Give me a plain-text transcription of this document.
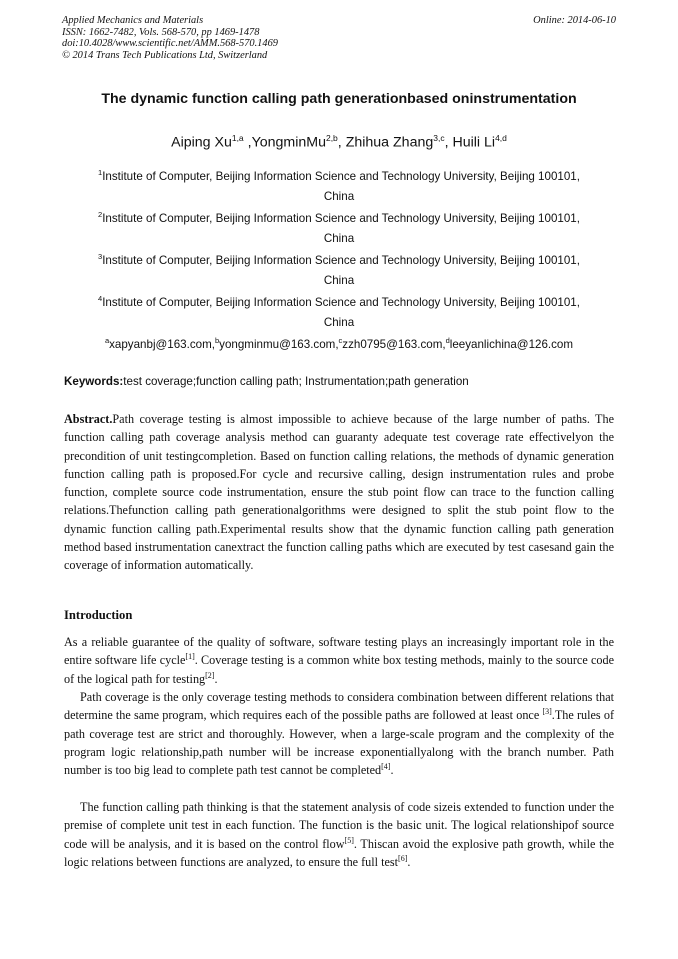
Applied Mechanics and Materials
ISSN: 1662-7482, Vols. 568-570, pp 1469-1478
doi:10.4028/www.scientific.net/AMM.568-570.1469
© 2014 Trans Tech Publications Ltd, Switzerland
Online: 2014-06-10
The dynamic function calling path generationbased oninstrumentation
Aiping Xu$^{1,a}$ ,YongminMu$^{2,b}$, Zhihua Zhang$^{3,c}$, Huili Li$^{4,d}$
$^1$Institute of Computer, Beijing Information Science and Technology University, Beijing 100101,
China
$^2$Institute of Computer, Beijing Information Science and Technology University, Beijing 100101,
China
$^3$Institute of Computer, Beijing Information Science and Technology University, Beijing 100101,
China
$^4$Institute of Computer, Beijing Information Science and Technology University, Beijing 100101,
China
$^a$xapyanbj@163.com,$^b$yongminmu@163.com,$^c$zzh0795@163.com,$^d$leeyanlichina@126.com
Keywords:test coverage;function calling path; Instrumentation;path generation
Abstract.Path coverage testing is almost impossible to achieve because of the large number of paths. The function calling path coverage analysis method can guaranty adequate test coverage rate effectivelyon the precondition of unit testingcompletion. Based on function calling relations, the methods of dynamic generation function calling path is proposed.For cycle and recursive calling, design instrumentation rules and probe function, complete source code instrumentation, ensure the stub point flow can trace to the function calling relations.Thefunction calling path generationalgorithms were designed to split the stub point flow to the dynamic function calling path.Experimental results show that the dynamic function calling path generation method based instrumentation canextract the function calling paths which are executed by test casesand gain the coverage of information automatically.
Introduction
As a reliable guarantee of the quality of software, software testing plays an increasingly important role in the entire software life cycle[1]. Coverage testing is a common white box testing methods, mainly to the source code of the logical path for testing[2].
Path coverage is the only coverage testing methods to considera combination between different relations that determine the same program, which requires each of the possible paths are followed at least once [3].The rules of path coverage test are strict and thoroughly. However, when a large-scale program and the complexity of the program logic relationship,path number will be increase exponentiallyalong with the branch number. Path number is too big lead to complete path test cannot be completed[4].
The function calling path thinking is that the statement analysis of code sizeis extended to function under the premise of complete unit test in each function. The function is the basic unit. The logical relationshipof source code will be analysis, and it is based on the control flow[5]. Thiscan avoid the explosive path growth, while the logic relations between functions are analyzed, to ensure the full test[6].
